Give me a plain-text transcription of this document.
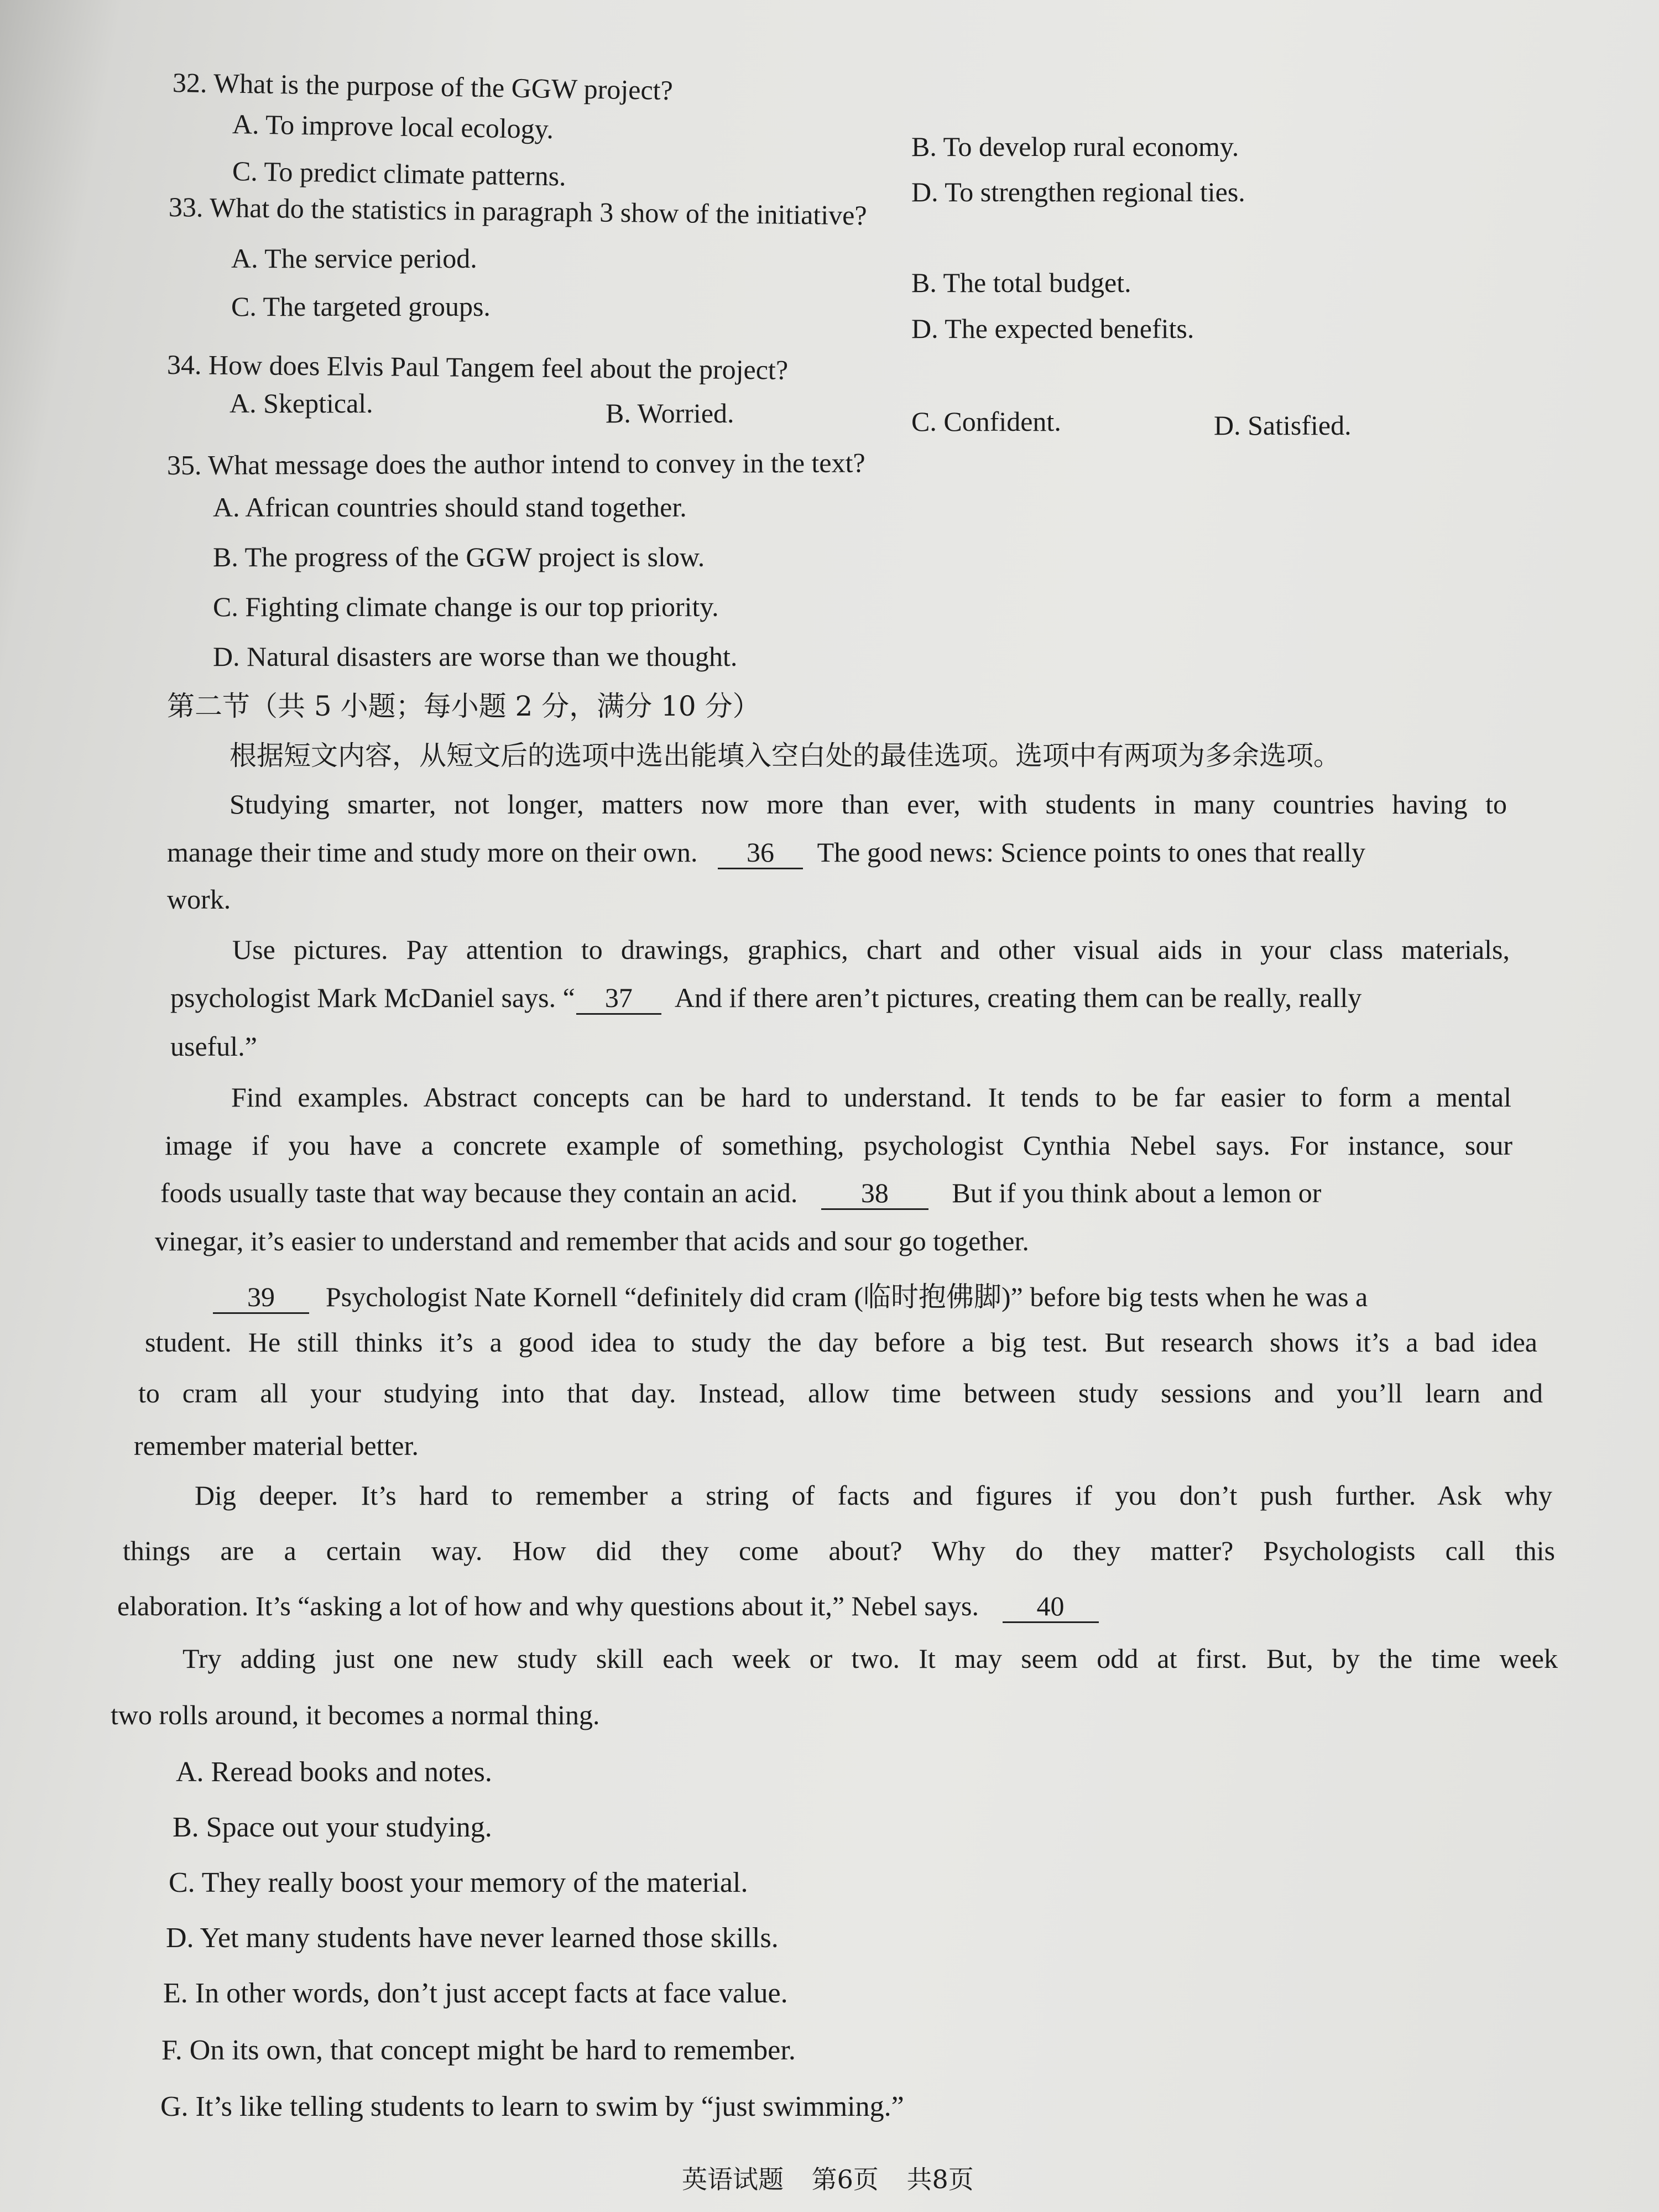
32. What is the purpose of the GGW project?
A. To improve local ecology.
B. To develop rural economy.
C. To predict climate patterns.
D. To strengthen regional ties.
33. What do the statistics in paragraph 3 show of the initiative?
A. The service period.
B. The total budget.
C. The targeted groups.
D. The expected benefits.
34. How does Elvis Paul Tangem feel about the project?
A. Skeptical.	B. Worried.	C. Confident.	D. Satisfied.
35. What message does the author intend to convey in the text?
A. African countries should stand together.
B. The progress of the GGW project is slow.
C. Fighting climate change is our top priority.
D. Natural disasters are worse than we thought.
第二节（共 5 小题；每小题 2 分，满分 10 分）
根据短文内容，从短文后的选项中选出能填入空白处的最佳选项。选项中有两项为多余选项。
Studying smarter, not longer, matters now more than ever, with students in many countries having to
manage their time and study more on their own. 36 The good news: Science points to ones that really
work.
Use pictures. Pay attention to drawings, graphics, chart and other visual aids in your class materials,
psychologist Mark McDaniel says. “ 37 And if there aren’t pictures, creating them can be really, really
useful.”
Find examples. Abstract concepts can be hard to understand. It tends to be far easier to form a mental
image if you have a concrete example of something, psychologist Cynthia Nebel says. For instance, sour
foods usually taste that way because they contain an acid. 38 But if you think about a lemon or
vinegar, it’s easier to understand and remember that acids and sour go together.
39 Psychologist Nate Kornell “definitely did cram (临时抱佛脚)” before big tests when he was a
student. He still thinks it’s a good idea to study the day before a big test. But research shows it’s a bad idea
to cram all your studying into that day. Instead, allow time between study sessions and you’ll learn and
remember material better.
Dig deeper. It’s hard to remember a string of facts and figures if you don’t push further. Ask why
things are a certain way. How did they come about? Why do they matter? Psychologists call this
elaboration. It’s “asking a lot of how and why questions about it,” Nebel says. 40
Try adding just one new study skill each week or two. It may seem odd at first. But, by the time week
two rolls around, it becomes a normal thing.
A. Reread books and notes.
B. Space out your studying.
C. They really boost your memory of the material.
D. Yet many students have never learned those skills.
E. In other words, don’t just accept facts at face value.
F. On its own, that concept might be hard to remember.
G. It’s like telling students to learn to swim by “just swimming.”
英语试题 第6页 共8页
